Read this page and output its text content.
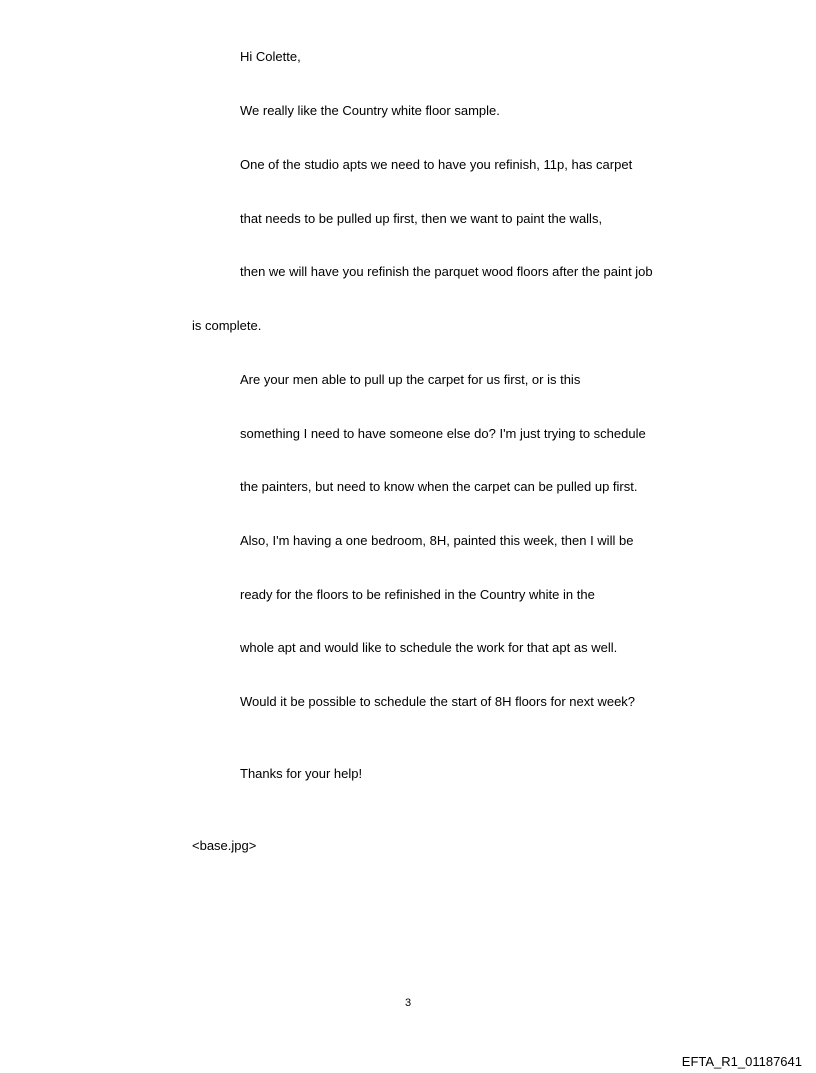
Hi Colette,
We really like the Country white floor sample.
One of the studio apts we need to have you refinish, 11p, has carpet
that needs to be pulled up first, then we want to paint the walls,
then we will have you refinish the parquet wood floors after the paint job
is complete.
Are your men able to pull up the carpet for us first, or is this
something I need to have someone else do? I'm just trying to schedule
the painters, but need to know when the carpet can be pulled up first.
Also, I'm having a one bedroom, 8H, painted this week, then I will be
ready for the floors to be refinished in the Country white in the
whole apt and would like to schedule the work for that apt as well.
Would it be possible to schedule the start of 8H floors for next week?
Thanks for your help!
<base.jpg>
3
EFTA_R1_01187641
